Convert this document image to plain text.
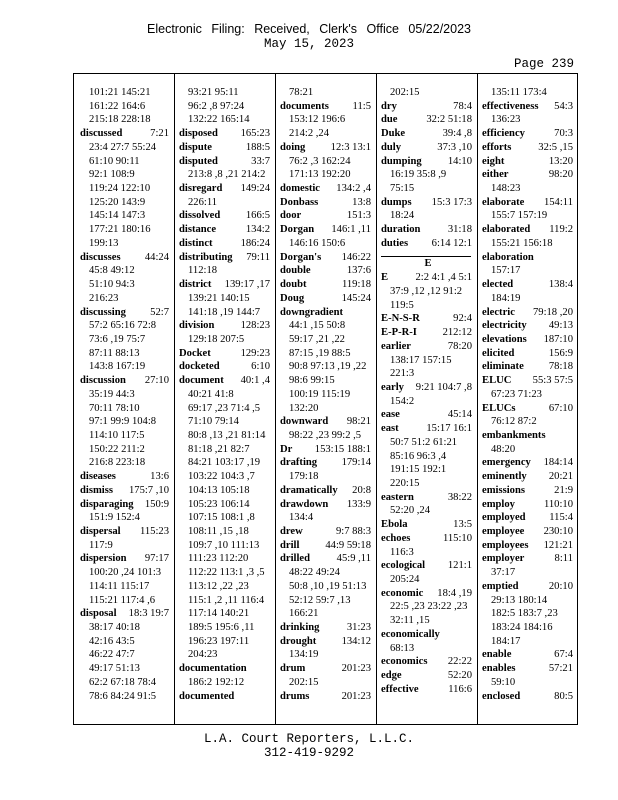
Electronic Filing: Received, Clerk's Office 05/22/2023
May 15, 2023
Page 239
101:21 145:21
161:22 164:6
215:18 228:18
discussed	7:21
23:4 27:7 55:24
61:10 90:11
92:1 108:9
119:24 122:10
125:20 143:9
145:14 147:3
177:21 180:16
199:13
discusses 44:24
45:8 49:12
51:10 94:3
216:23
discussing 52:7
57:2 65:16 72:8
73:6 ,19 75:7
87:11 88:13
143:8 167:19
discussion 27:10
35:19 44:3
70:11 78:10
97:1 99:9 104:8
114:10 117:5
150:22 211:2
216:8 223:18
diseases	13:6
dismiss 175:7 ,10
disparaging 150:9
151:9 152:4
dispersal 115:23
117:9
dispersion 97:17
100:20 ,24 101:3
114:11 115:17
115:21 117:4 ,6
disposal 18:3 19:7
38:17 40:18
42:16 43:5
46:22 47:7
49:17 51:13
62:2 67:18 78:4
78:6 84:24 91:5
93:21 95:11
96:2 ,8 97:24
132:22 165:14
disposed 165:23
dispute	188:5
disputed	33:7
213:8 ,8 ,21 214:2
disregard 149:24
226:11
dissolved 166:5
distance	134:2
distinct	186:24
distributing 79:11
112:18
district 139:17 ,17
139:21 140:15
141:18 ,19 144:7
division 128:23
129:18 207:5
Docket	129:23
docketed	6:10
document 40:1 ,4
40:21 41:8
69:17 ,23 71:4 ,5
71:10 79:14
80:8 ,13 ,21 81:14
81:18 ,21 82:7
84:21 103:17 ,19
103:22 104:3 ,7
104:13 105:18
105:23 106:14
107:15 108:1 ,8
108:11 ,15 ,18
109:7 ,10 111:13
111:23 112:20
112:22 113:1 ,3 ,5
113:12 ,22 ,23
115:1 ,2 ,11 116:4
117:14 140:21
189:5 195:6 ,11
196:23 197:11
204:23
documentation
186:2 192:12
documented
78:21
documents 11:5
153:12 196:6
214:2 ,24
doing 12:3 13:1
76:2 ,3 162:24
171:13 192:20
domestic 134:2 ,4
Donbass	13:8
door	151:3
Dorgan 146:1 ,11
146:16 150:6
Dorgan's 146:22
double	137:6
doubt	119:18
Doug	145:24
downgradient
44:1 ,15 50:8
59:17 ,21 ,22
87:15 ,19 88:5
90:8 97:13 ,19 ,22
98:6 99:15
100:19 115:19
132:20
downward 98:21
98:22 ,23 99:2 ,5
Dr 153:15 188:1
drafting 179:14
179:18
dramatically 20:8
drawdown 133:9
134:4
drew	9:7 88:3
drill 44:9 59:18
drilled	45:9 ,11
48:22 49:24
50:8 ,10 ,19 51:13
52:12 59:7 ,13
166:21
drinking	31:23
drought 134:12
134:19
drum	201:23
202:15
drums	201:23
202:15
dry	78:4
due	32:2 51:18
Duke	39:4 ,8
duly	37:3 ,10
dumping 14:10
16:19 35:8 ,9
75:15
dumps 15:3 17:3
18:24
duration	31:18
duties 6:14 12:1
E
E	2:2 4:1 ,4 5:1
37:9 ,12 ,12 91:2
119:5
E-N-S-R	92:4
E-P-R-I 212:12
earlier	78:20
138:17 157:15
221:3
early 9:21 104:7 ,8
154:2
ease	45:14
east	15:17 16:1
50:7 51:2 61:21
85:16 96:3 ,4
191:15 192:1
220:15
eastern	38:22
52:20 ,24
Ebola	13:5
echoes	115:10
116:3
ecological 121:1
205:24
economic 18:4 ,19
22:5 ,23 23:22 ,23
32:11 ,15
economically
68:13
economics 22:22
edge	52:20
effective	116:6
135:11 173:4
effectiveness 54:3
136:23
efficiency	70:3
efforts	32:5 ,15
eight	13:20
either	98:20
148:23
elaborate 154:11
155:7 157:19
elaborated 119:2
155:21 156:18
elaboration
157:17
elected	138:4
184:19
electric 79:18 ,20
electricity 49:13
elevations 187:10
elicited	156:9
eliminate 78:18
ELUC 55:3 57:5
67:23 71:23
ELUCs	67:10
76:12 87:2
embankments
48:20
emergency 184:14
eminently 20:21
emissions	21:9
employ	110:10
employed 115:4
employee 230:10
employees 121:21
employer	8:11
37:17
emptied	20:10
29:13 180:14
182:5 183:7 ,23
183:24 184:16
184:17
enable	67:4
enables	57:21
59:10
enclosed	80:5
L.A. Court Reporters, L.L.C.
312-419-9292
